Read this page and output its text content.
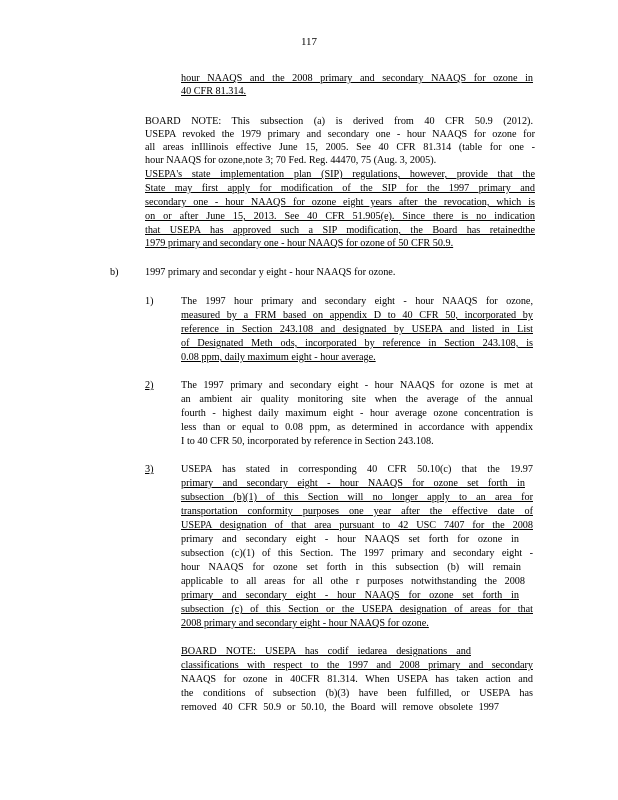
117
hour NAAQS and the 2008 primary and secondary NAAQS for ozone in
40 CFR 81.314.
BOARD NOTE: This subsection (a) is derived from 40 CFR 50.9 (2012).
USEPA revoked the 1979 primary and secondary one - hour NAAQS for ozone for
all areas inIllinois effective June 15, 2005. See 40 CFR 81.314 (table for one -
hour NAAQS for ozone,note 3; 70 Fed. Reg. 44470, 75 (Aug. 3, 2005).
USEPA's state implementation plan (SIP) regulations, however, provide that the
State may first apply for modification of the SIP for the 1997 primary and
secondary one - hour NAAQS for ozone eight years after the revocation, which is
on or after June 15, 2013. See 40 CFR 51.905(e). Since there is no indication
that USEPA has approved such a SIP modification, the Board has retainedthe
1979 primary and secondary one - hour NAAQS for ozone of 50 CFR 50.9.
b)	1997 primary and secondar y eight - hour NAAQS for ozone.
1)	The 1997 hour primary and secondary eight - hour NAAQS for ozone,
measured by a FRM based on appendix D to 40 CFR 50, incorporated by
reference in Section 243.108 and designated by USEPA and listed in List
of Designated Meth ods, incorporated by reference in Section 243.108, is
0.08 ppm, daily maximum eight - hour average.
2)	The 1997 primary and secondary eight - hour NAAQS for ozone is met at
an ambient air quality monitoring site when the average of the annual
fourth - highest daily maximum eight - hour average ozone concentration is
less than or equal to 0.08 ppm, as determined in accordance with appendix
I to 40 CFR 50, incorporated by reference in Section 243.108.
3)	USEPA has stated in corresponding 40 CFR 50.10(c) that the 19.97
primary and secondary eight - hour NAAQS for ozone set forth in
subsection (b)(1) of this Section will no longer apply to an area for
transportation conformity purposes one year after the effective date of
USEPA designation of that area pursuant to 42 USC 7407 for the 2008
primary and secondary eight - hour NAAQS set forth for ozone in
subsection (c)(1) of this Section. The 1997 primary and secondary eight -
hour NAAQS for ozone set forth in this subsection (b) will remain
applicable to all areas for all othe r purposes notwithstanding the 2008
primary and secondary eight - hour NAAQS for ozone set forth in
subsection (c) of this Section or the USEPA designation of areas for that
2008 primary and secondary eight - hour NAAQS for ozone.
BOARD NOTE: USEPA has codif iedarea designations and
classifications with respect to the 1997 and 2008 primary and secondary
NAAQS for ozone in 40CFR 81.314. When USEPA has taken action and
the conditions of subsection (b)(3) have been fulfilled, or USEPA has
removed 40 CFR 50.9 or 50.10, the Board will remove obsolete 1997
